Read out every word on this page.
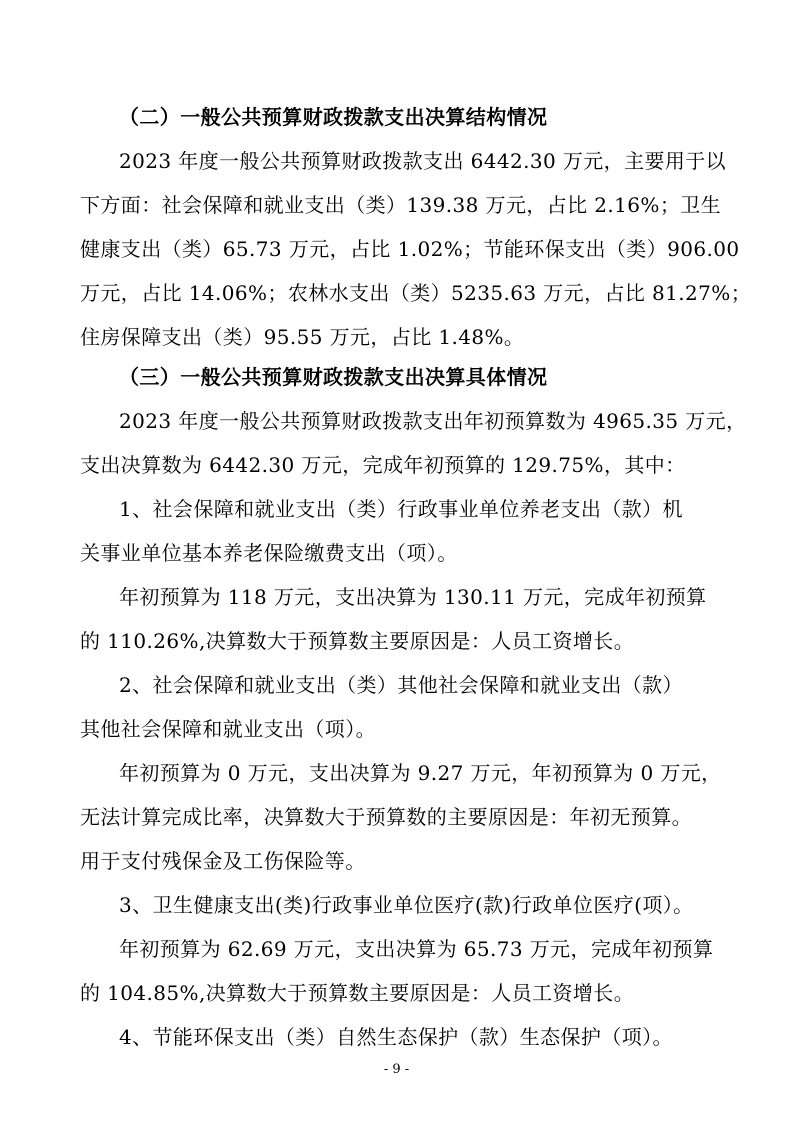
（二）一般公共预算财政拨款支出决算结构情况
2023 年度一般公共预算财政拨款支出 6442.30 万元，主要用于以
下方面：社会保障和就业支出（类）139.38 万元，占比 2.16%；卫生
健康支出（类）65.73 万元，占比 1.02%；节能环保支出（类）906.00
万元，占比 14.06%；农林水支出（类）5235.63 万元，占比 81.27%；
住房保障支出（类）95.55 万元，占比 1.48%。
（三）一般公共预算财政拨款支出决算具体情况
2023 年度一般公共预算财政拨款支出年初预算数为 4965.35 万元，
支出决算数为 6442.30 万元，完成年初预算的 129.75%，其中：
1、社会保障和就业支出（类）行政事业单位养老支出（款）机
关事业单位基本养老保险缴费支出（项）。
年初预算为 118 万元，支出决算为 130.11 万元，完成年初预算
的 110.26%,决算数大于预算数主要原因是：人员工资增长。
2、社会保障和就业支出（类）其他社会保障和就业支出（款）
其他社会保障和就业支出（项）。
年初预算为 0 万元，支出决算为 9.27 万元，年初预算为 0 万元，
无法计算完成比率，决算数大于预算数的主要原因是：年初无预算。
用于支付残保金及工伤保险等。
3、卫生健康支出(类)行政事业单位医疗(款)行政单位医疗(项）。
年初预算为 62.69 万元，支出决算为 65.73 万元，完成年初预算
的 104.85%,决算数大于预算数主要原因是：人员工资增长。
4、节能环保支出（类）自然生态保护（款）生态保护（项）。
- 9 -
